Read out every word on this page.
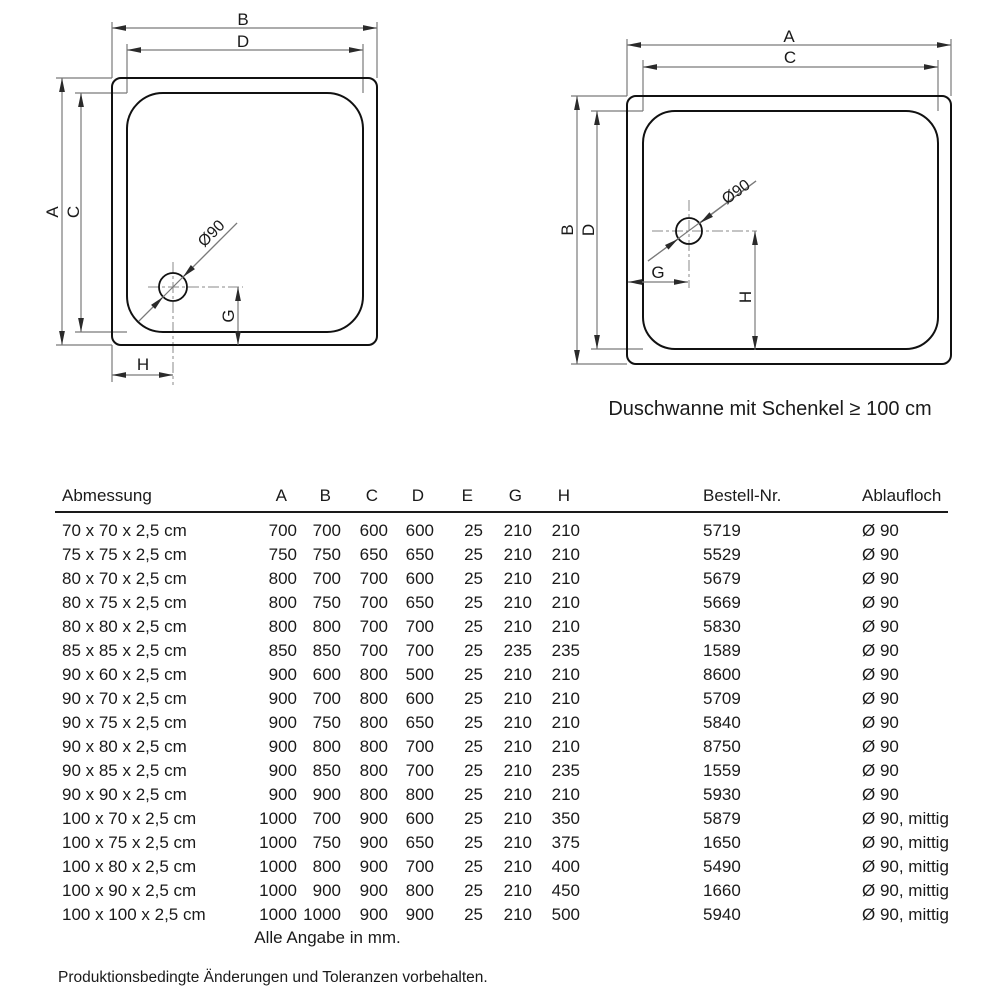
B
D
A C
G
H
Ø90
A
C
B D
G
H
Ø90
Duschwanne mit Schenkel ≥ 100 cm
Abmessung	A	B	C	D	E	G	H	Bestell-Nr.	Ablaufloch
70 x 70 x 2,5 cm	700	700	600	600	25	210	210	5719	Ø 90
75 x 75 x 2,5 cm	750	750	650	650	25	210	210	5529	Ø 90
80 x 70 x 2,5 cm	800	700	700	600	25	210	210	5679	Ø 90
80 x 75 x 2,5 cm	800	750	700	650	25	210	210	5669	Ø 90
80 x 80 x 2,5 cm	800	800	700	700	25	210	210	5830	Ø 90
85 x 85 x 2,5 cm	850	850	700	700	25	235	235	1589	Ø 90
90 x 60 x 2,5 cm	900	600	800	500	25	210	210	8600	Ø 90
90 x 70 x 2,5 cm	900	700	800	600	25	210	210	5709	Ø 90
90 x 75 x 2,5 cm	900	750	800	650	25	210	210	5840	Ø 90
90 x 80 x 2,5 cm	900	800	800	700	25	210	210	8750	Ø 90
90 x 85 x 2,5 cm	900	850	800	700	25	210	235	1559	Ø 90
90 x 90 x 2,5 cm	900	900	800	800	25	210	210	5930	Ø 90
100 x 70 x 2,5 cm	1000	700	900	600	25	210	350	5879	Ø 90, mittig
100 x 75 x 2,5 cm	1000	750	900	650	25	210	375	1650	Ø 90, mittig
100 x 80 x 2,5 cm	1000	800	900	700	25	210	400	5490	Ø 90, mittig
100 x 90 x 2,5 cm	1000	900	900	800	25	210	450	1660	Ø 90, mittig
100 x 100 x 2,5 cm	1000	1000	900	900	25	210	500	5940	Ø 90, mittig
Alle Angabe in mm.
Produktionsbedingte Änderungen und Toleranzen vorbehalten.
